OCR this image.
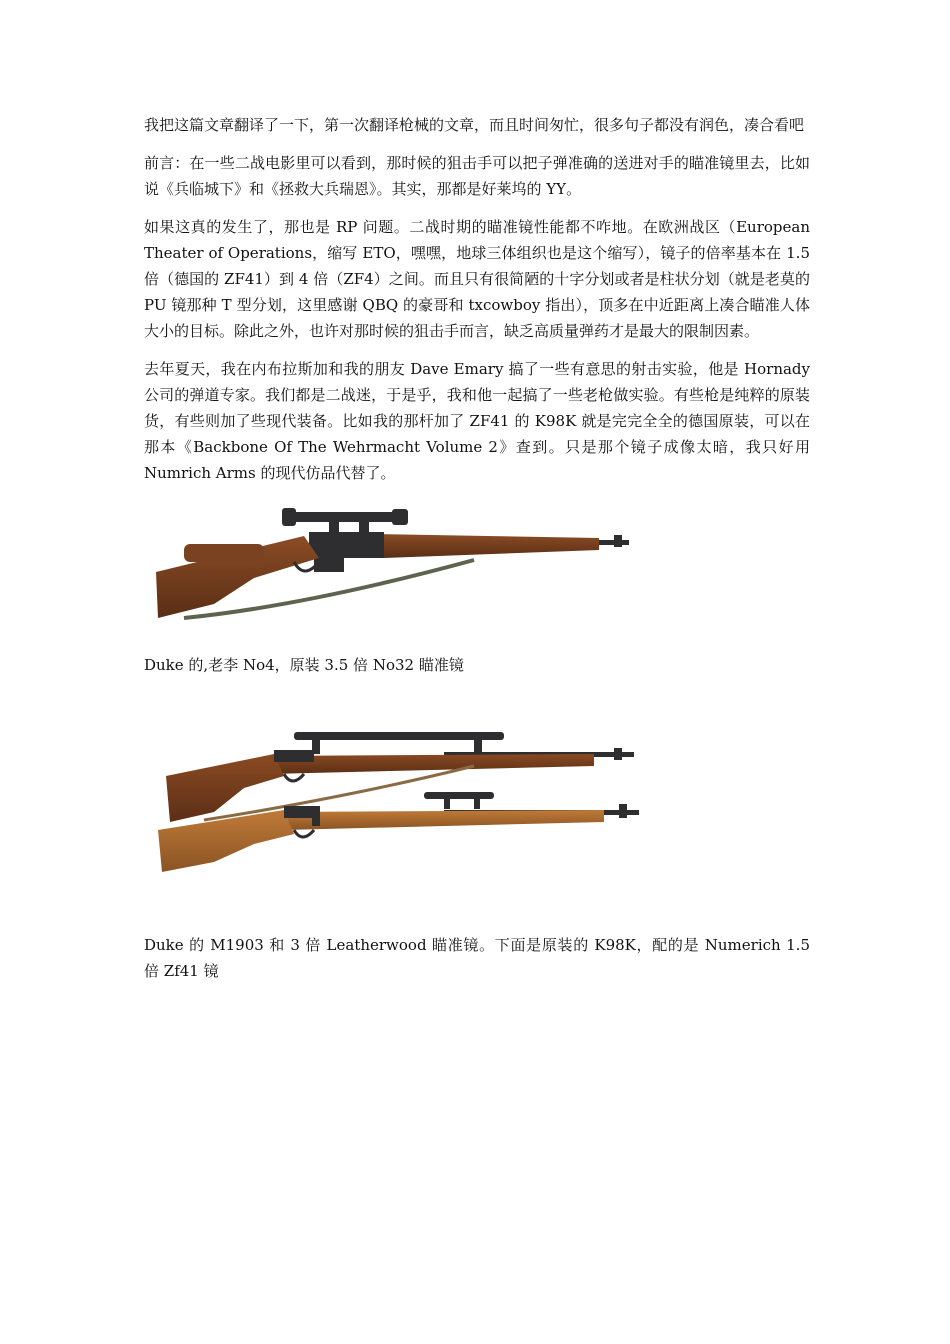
我把这篇文章翻译了一下，第一次翻译枪械的文章，而且时间匆忙，很多句子都没有润色，凑合看吧

前言：在一些二战电影里可以看到，那时候的狙击手可以把子弹准确的送进对手的瞄准镜里去，比如说《兵临城下》和《拯救大兵瑞恩》。其实，那都是好莱坞的 YY。

如果这真的发生了，那也是 RP 问题。二战时期的瞄准镜性能都不咋地。在欧洲战区（European Theater of Operations，缩写 ETO，嘿嘿，地球三体组织也是这个缩写），镜子的倍率基本在 1.5 倍（德国的 ZF41）到 4 倍（ZF4）之间。而且只有很简陋的十字分划或者是柱状分划（就是老莫的 PU 镜那种 T 型分划，这里感谢 QBQ 的豪哥和 txcowboy 指出），顶多在中近距离上凑合瞄准人体大小的目标。除此之外，也许对那时候的狙击手而言，缺乏高质量弹药才是最大的限制因素。

去年夏天，我在内布拉斯加和我的朋友 Dave Emary 搞了一些有意思的射击实验，他是 Hornady 公司的弹道专家。我们都是二战迷，于是乎，我和他一起搞了一些老枪做实验。有些枪是纯粹的原装货，有些则加了些现代装备。比如我的那杆加了 ZF41 的 K98K 就是完完全全的德国原装，可以在那本《Backbone Of The Wehrmacht Volume 2》查到。只是那个镜子成像太暗，我只好用 Numrich Arms 的现代仿品代替了。

Duke 的,老李 No4，原装 3.5 倍 No32 瞄准镜

Duke 的 M1903 和 3 倍 Leatherwood 瞄准镜。下面是原装的 K98K，配的是 Numerich 1.5 倍 Zf41 镜
